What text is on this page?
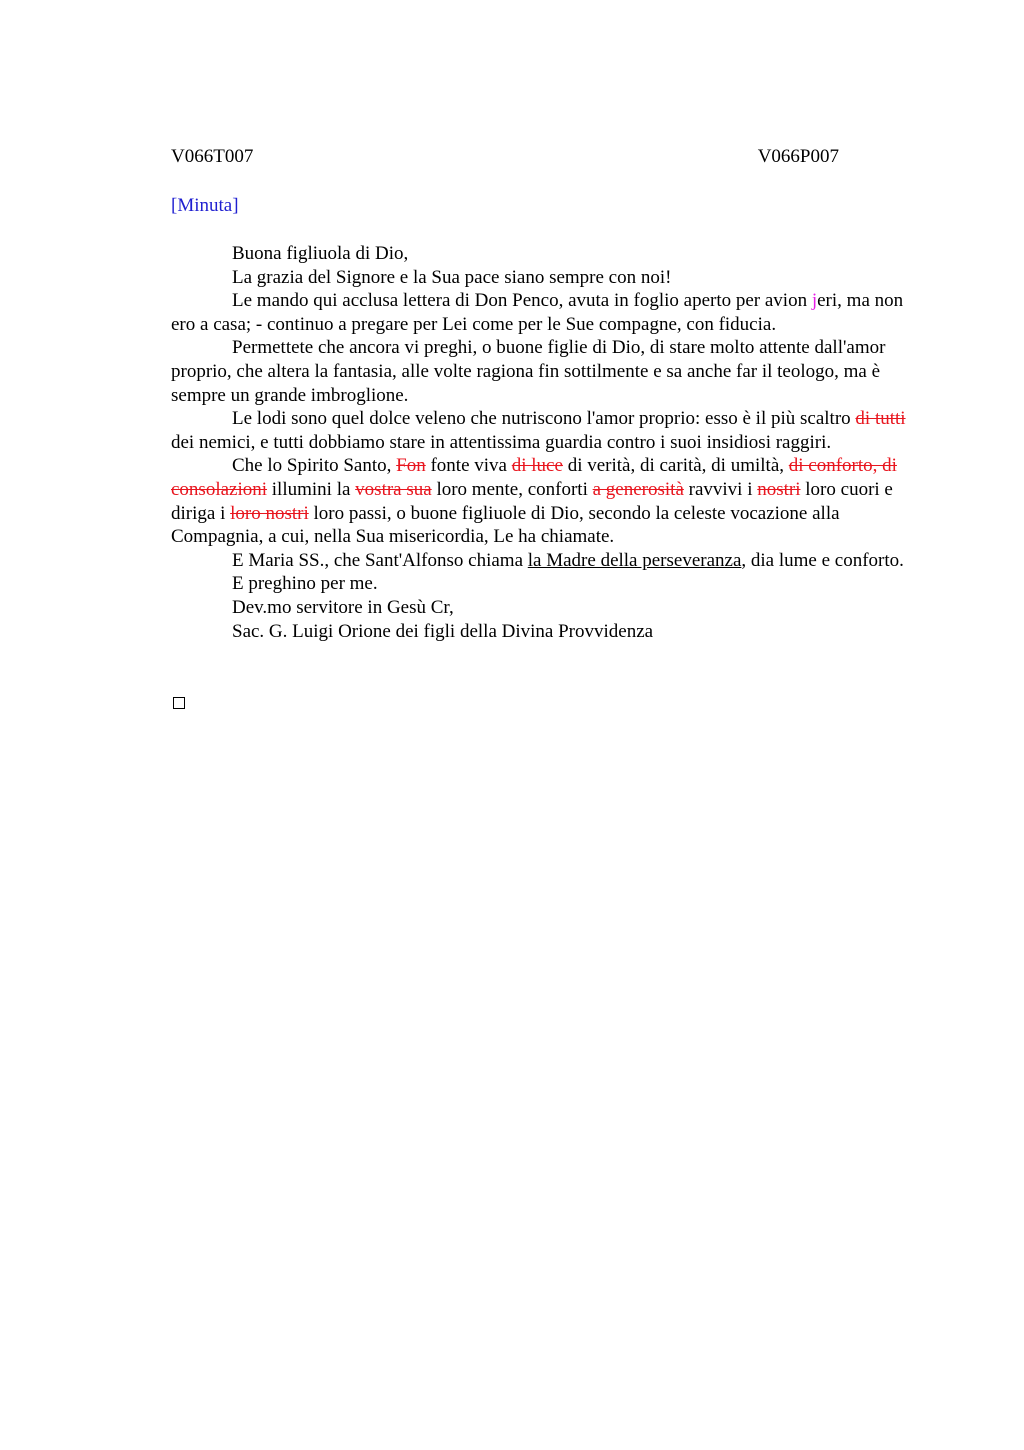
V066T007	V066P007
[Minuta]

Buona figliuola di Dio,

La grazia del Signore e la Sua pace siano sempre con noi!

Le mando qui acclusa lettera di Don Penco, avuta in foglio aperto per avion jeri, ma non ero a casa; - continuo a pregare per Lei come per le Sue compagne, con fiducia.

Permettete che ancora vi preghi, o buone figlie di Dio, di stare molto attente dall'amor proprio, che altera la fantasia, alle volte ragiona fin sottilmente e sa anche far il teologo, ma è sempre un grande imbroglione.

Le lodi sono quel dolce veleno che nutriscono l'amor proprio: esso è il più scaltro di tutti dei nemici, e tutti dobbiamo stare in attentissima guardia contro i suoi insidiosi raggiri.

Che lo Spirito Santo, Fon fonte viva di luce di verità, di carità, di umiltà, di conforto, di consolazioni illumini la vostra sua loro mente, conforti a generosità ravvivi i nostri loro cuori e diriga i loro nostri loro passi, o buone figliuole di Dio, secondo la celeste vocazione alla Compagnia, a cui, nella Sua misericordia, Le ha chiamate.

E Maria SS., che Sant'Alfonso chiama la Madre della perseveranza, dia lume e conforto.

E preghino per me.

Dev.mo servitore in Gesù Cr,

Sac. G. Luigi Orione dei figli della Divina Provvidenza
